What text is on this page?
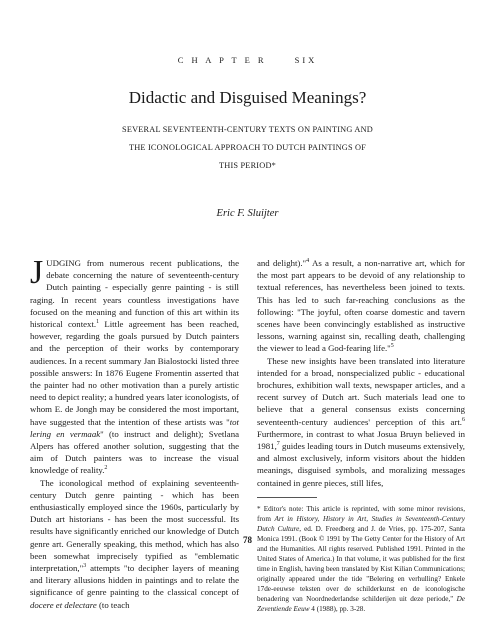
C H A P T E R	SIX
Didactic and Disguised Meanings?
SEVERAL SEVENTEENTH-CENTURY TEXTS ON PAINTING AND
THE ICONOLOGICAL APPROACH TO DUTCH PAINTINGS OF
THIS PERIOD*
Eric F. Sluijter

JUDGING from numerous recent publications, the debate concerning the nature of seventeenth-century Dutch painting - especially genre painting - is still raging. In recent years countless investigations have focused on the meaning and function of this art within its historical context.$^1$ Little agreement has been reached, however, regarding the goals pursued by Dutch painters and the perception of their works by contemporary audiences. In a recent summary Jan Bialostocki listed three possible answers: In 1876 Eugene Fromentin asserted that the painter had no other motivation than a purely artistic need to depict reality; a hundred years later iconologists, of whom E. de Jongh may be considered the most important, have suggested that the intention of these artists was "tot lering en vermaak" (to instruct and delight); Svetlana Alpers has offered another solution, suggesting that the aim of Dutch painters was to increase the visual knowledge of reality.$^2$

The iconological method of explaining seventeenth-century Dutch genre painting - which has been enthusiastically employed since the 1960s, particularly by Dutch art historians - has been the most successful. Its results have significantly enriched our knowledge of Dutch genre art. Generally speaking, this method, which has also been somewhat imprecisely typified as "emblematic interpretation,"$^3$ attempts "to decipher layers of meaning and literary allusions hidden in paintings and to relate the significance of genre painting to the classical concept of docere et delectare (to teach

and delight)."$^4$ As a result, a non-narrative art, which for the most part appears to be devoid of any relationship to textual references, has nevertheless been joined to texts. This has led to such far-reaching conclusions as the following: "The joyful, often coarse domestic and tavern scenes have been convincingly established as instructive lessons, warning against sin, recalling death, challenging the viewer to lead a God-fearing life."$^5$

These new insights have been translated into literature intended for a broad, nonspecialized public - educational brochures, exhibition wall texts, newspaper articles, and a recent survey of Dutch art. Such materials lead one to believe that a general consensus exists concerning seventeenth-century audiences' perception of this art.$^6$ Furthermore, in contrast to what Josua Bruyn believed in 1981,$^7$ guides leading tours in Dutch museums extensively, and almost exclusively, inform visitors about the hidden meanings, disguised symbols, and moralizing messages contained in genre pieces, still lifes,

* Editor's note: This article is reprinted, with some minor revisions, from Art in History, History in Art, Studies in Seventeenth-Century Dutch Culture, ed. D. Freedberg and J. de Vries, pp. 175-207, Santa Monica 1991. (Book © 1991 by The Getty Center for the History of Art and the Humanities. All rights reserved. Published 1991. Printed in the United States of America.) In that volume, it was published for the first time in English, having been translated by Kist Kilian Communications; originally appeared under the tide "Belering en verhulling? Enkele 17de-eeuwse teksten over de schilderkunst en de iconologische benadering van Noordnederlandse schilderijen uit deze periode," De Zeventiende Eeuw 4 (1988), pp. 3-28.

78
